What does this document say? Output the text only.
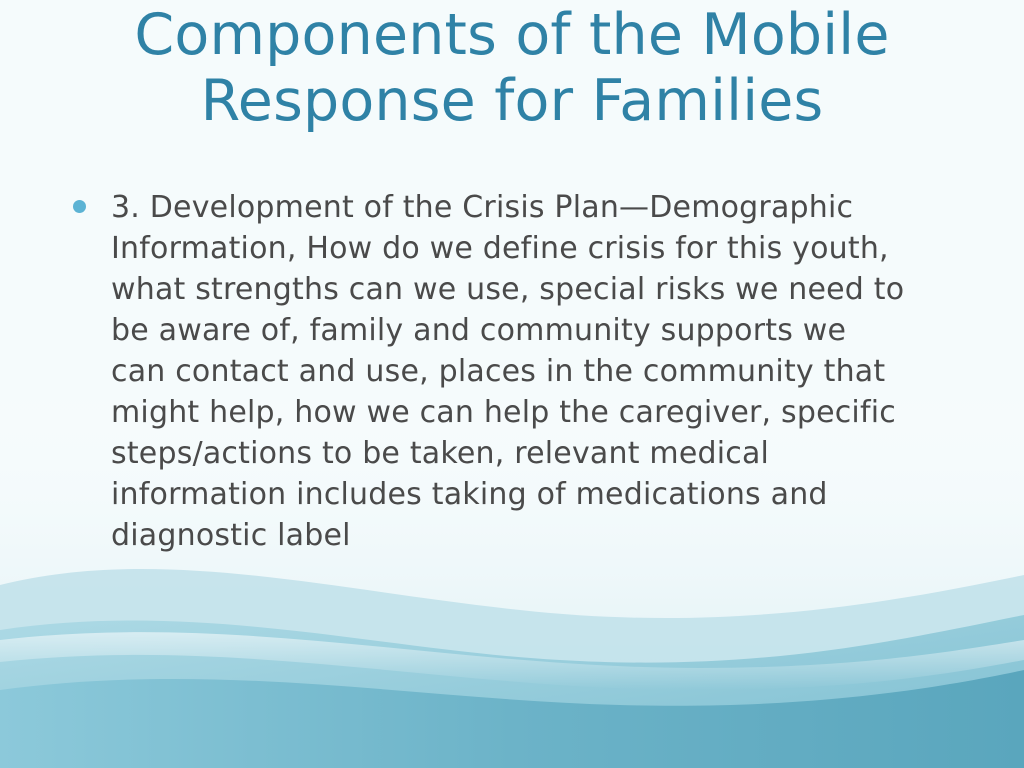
Components of the Mobile
Response for Families
3. Development of the Crisis Plan—Demographic
Information, How do we define crisis for this youth,
what strengths can we use, special risks we need to
be aware of, family and community supports we
can contact and use, places in the community that
might help, how we can help the caregiver, specific
steps/actions to be taken, relevant medical
information includes taking of medications and
diagnostic label
